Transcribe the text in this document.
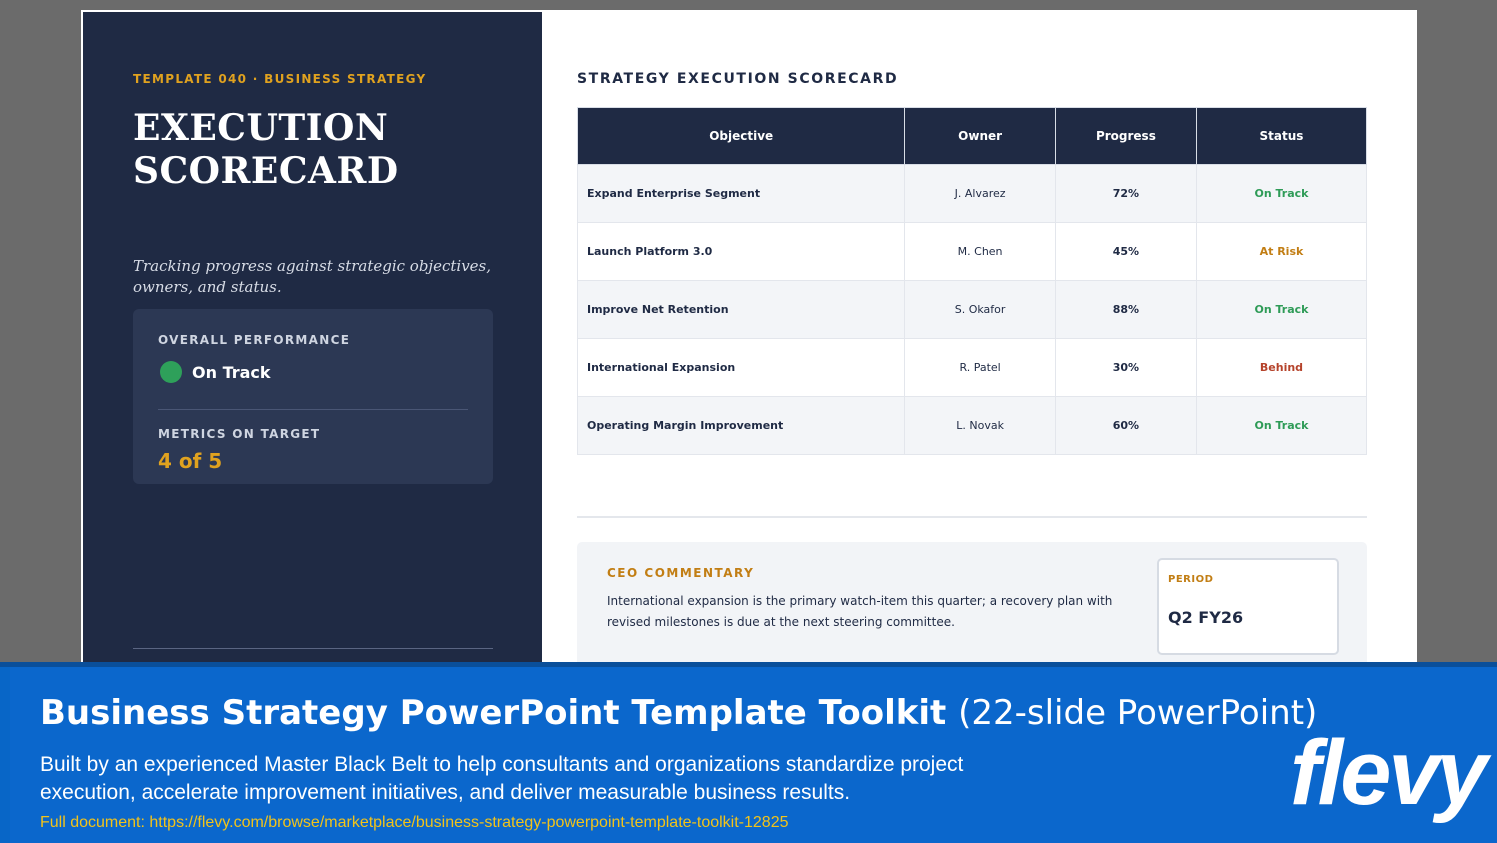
TEMPLATE 040 · BUSINESS STRATEGY
EXECUTION SCORECARD
Tracking progress against strategic objectives, owners, and status.
OVERALL PERFORMANCE
On Track
METRICS ON TARGET
4 of 5
STRATEGY EXECUTION SCORECARD
Objective	Owner	Progress	Status
Expand Enterprise Segment	J. Alvarez	72%	On Track
Launch Platform 3.0	M. Chen	45%	At Risk
Improve Net Retention	S. Okafor	88%	On Track
International Expansion	R. Patel	30%	Behind
Operating Margin Improvement	L. Novak	60%	On Track
CEO COMMENTARY
International expansion is the primary watch-item this quarter; a recovery plan with revised milestones is due at the next steering committee.
PERIOD
Q2 FY26
Business Strategy PowerPoint Template Toolkit (22-slide PowerPoint)
Built by an experienced Master Black Belt to help consultants and organizations standardize project execution, accelerate improvement initiatives, and deliver measurable business results.
Full document: https://flevy.com/browse/marketplace/business-strategy-powerpoint-template-toolkit-12825	flevy
